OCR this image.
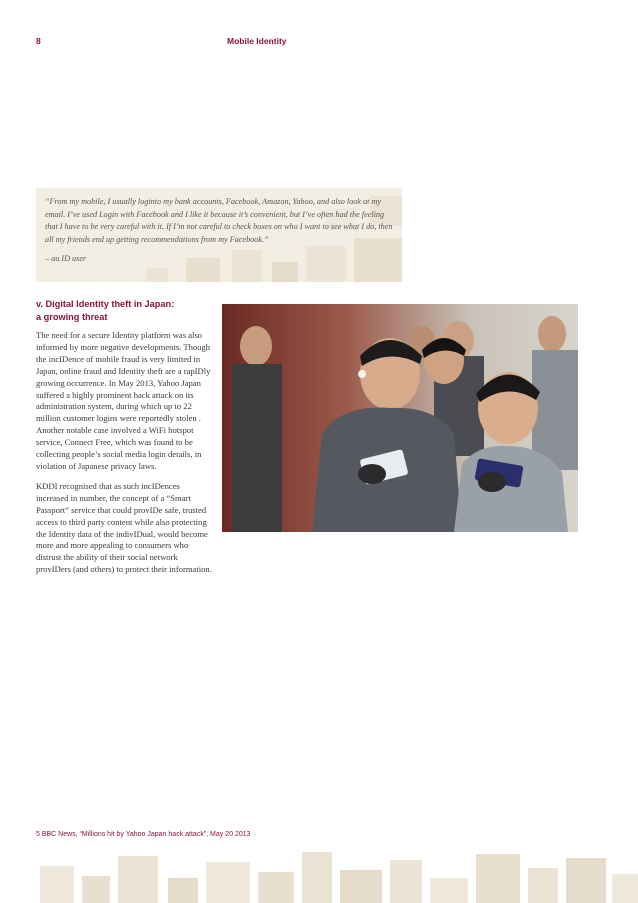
8	Mobile Identity

“From my mobile, I usually loginto my bank accounts, Facebook, Amazon, Yahoo, and also look at my email. I’ve used Login with Facebook and I like it because it’s convenient, but I’ve often had the feeling that I have to be very careful with it. If I’m not careful to check boxes on who I want to see what I do, then all my friends end up getting recommendations from my Facebook.”

– au ID user
v. Digital Identity theft in Japan:
a growing threat

The need for a secure Identity platform was also informed by more negative developments. Though the incIDence of mobile fraud is very limited in Japan, online fraud and Identity theft are a rapIDly growing occurrence. In May 2013, Yahoo Japan suffered a highly prominent hack attack on its administration system, during which up to 22 million customer logins were reportedly stolen . Another notable case involved a WiFi hotspot service, Connect Free, which was found to be collecting people’s social media login details, in violation of Japanese privacy laws.

KDDI recognised that as such incIDences increased in number, the concept of a “Smart Passport” service that could provIDe safe, trusted access to third party content while also protecting the Identity data of the indivIDual, would become more and more appealing to consumers who distrust the ability of their social network provIDers (and others) to protect their information.

5 BBC News, “Millions hit by Yahoo Japan hack attack”, May 20 2013
